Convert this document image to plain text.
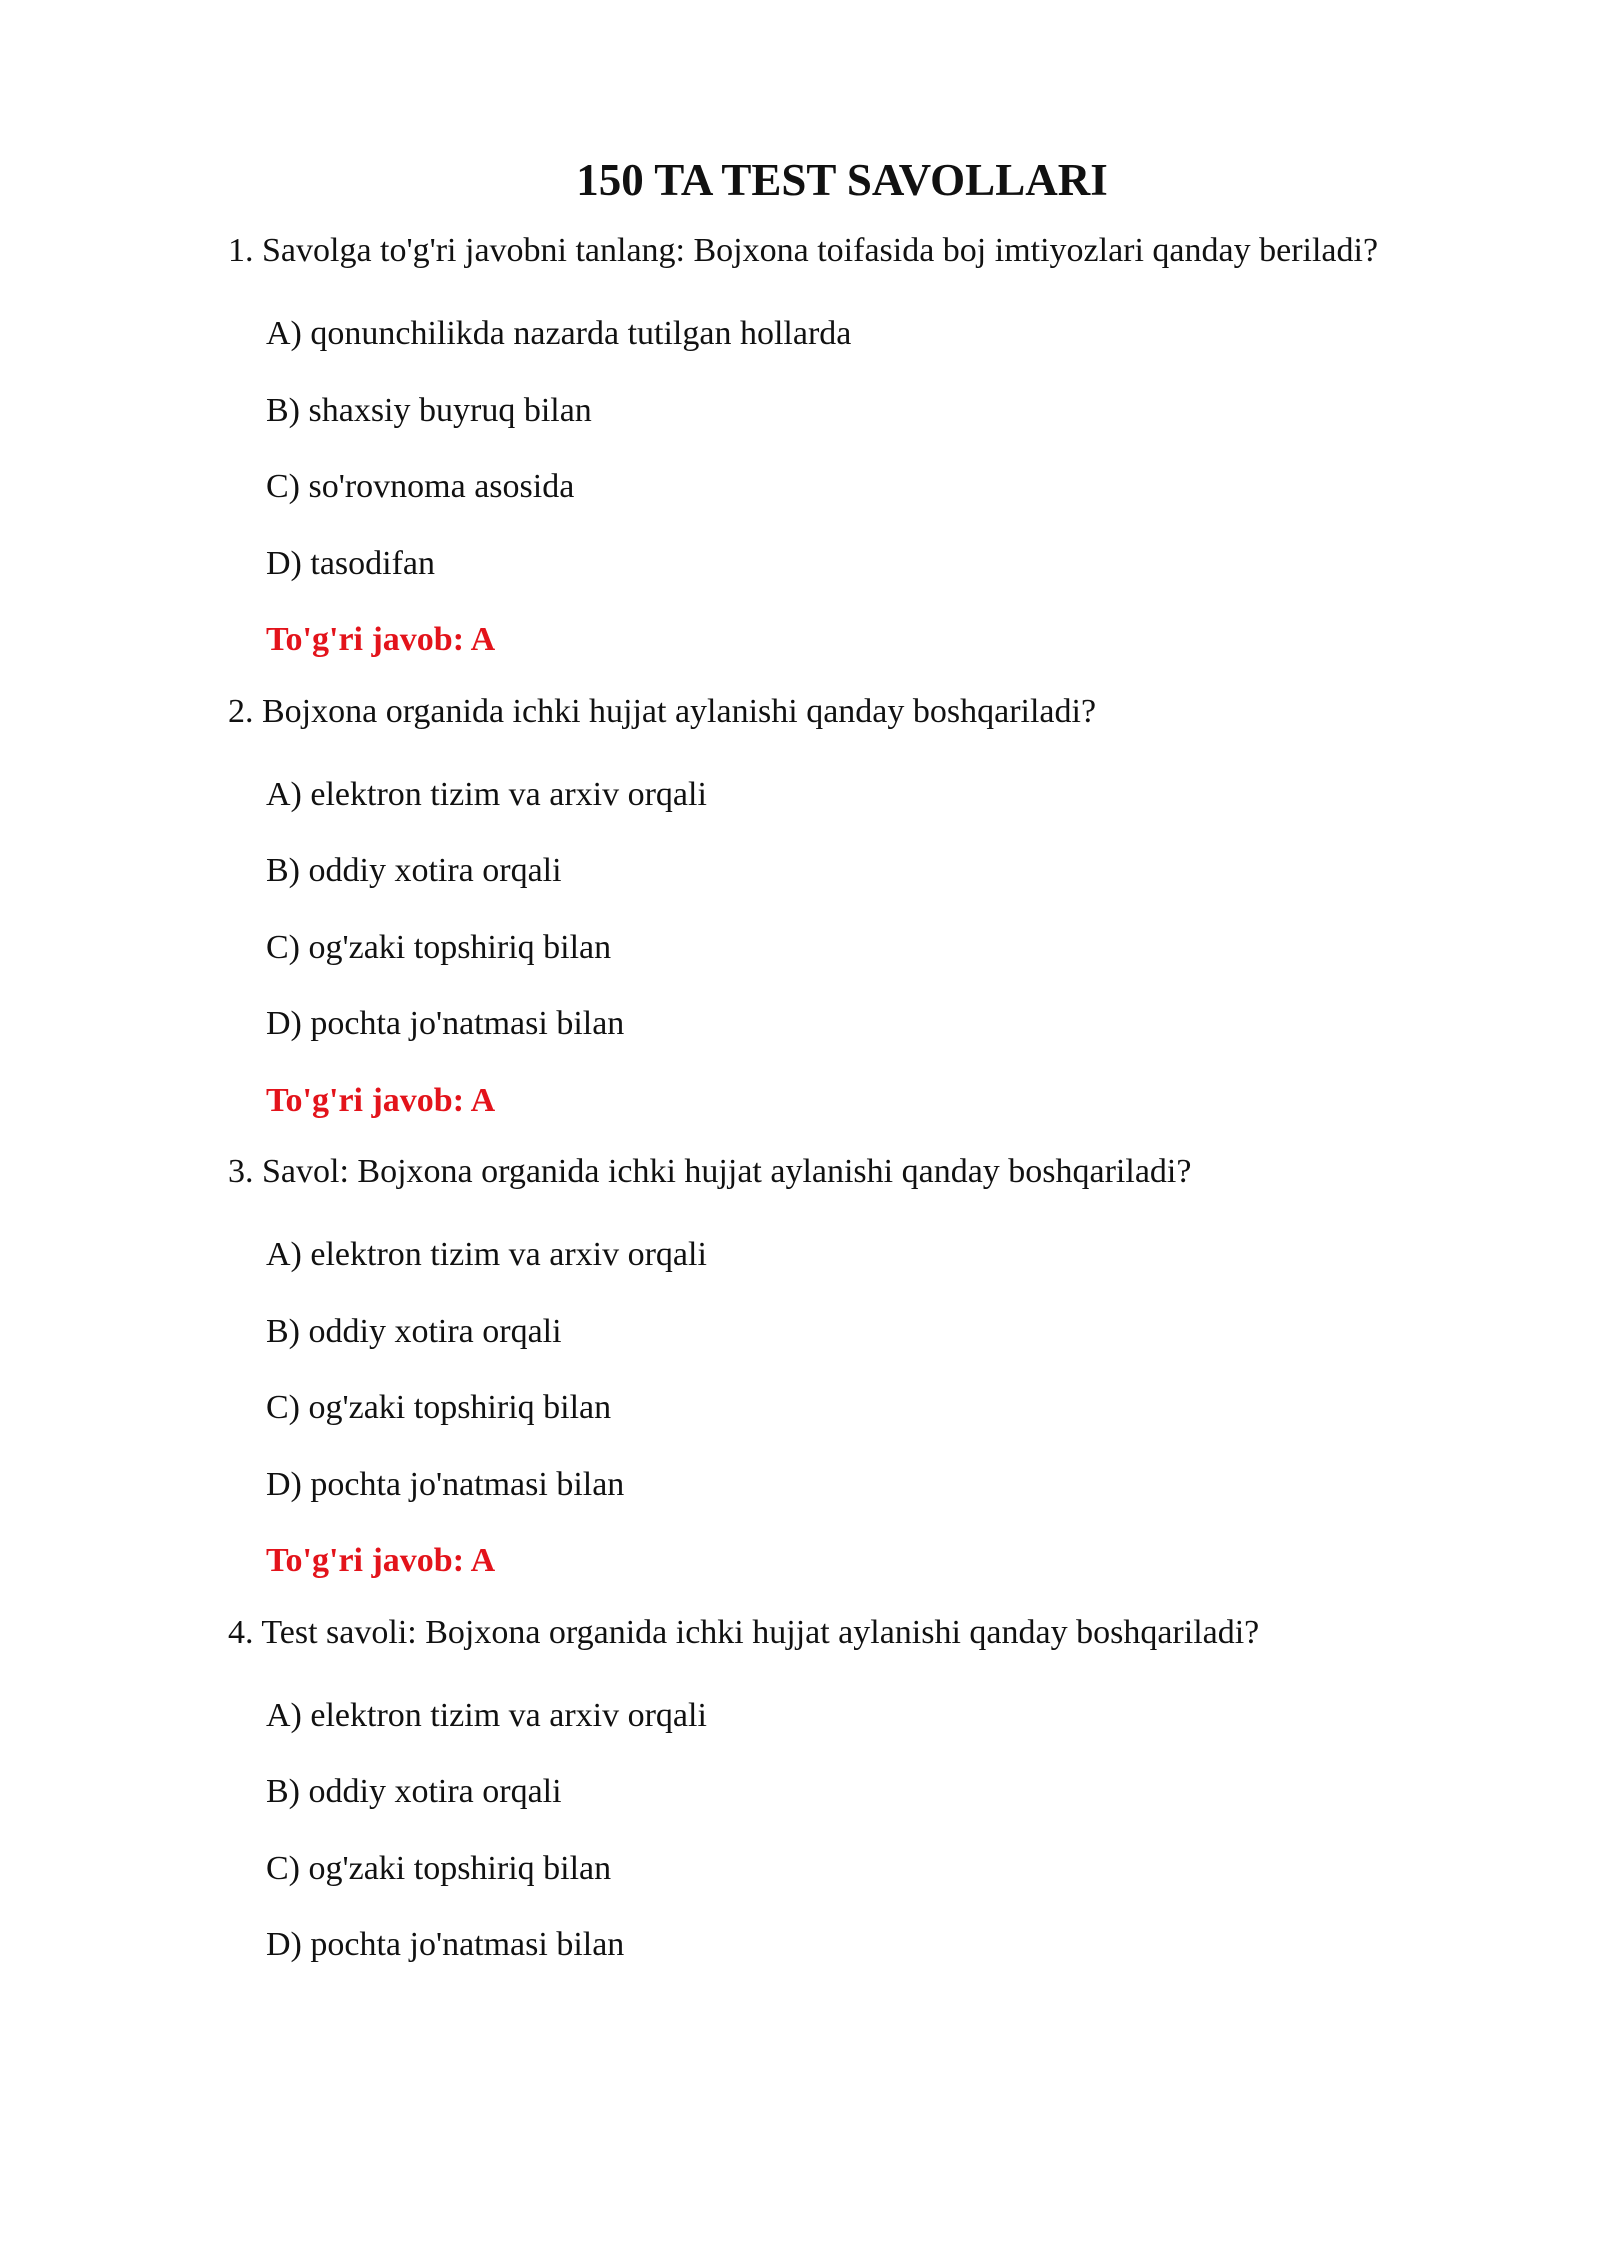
150 TA TEST SAVOLLARI

1. Savolga to'g'ri javobni tanlang: Bojxona toifasida boj imtiyozlari qanday beriladi?

A) qonunchilikda nazarda tutilgan hollarda
B) shaxsiy buyruq bilan
C) so'rovnoma asosida
D) tasodifan

To'g'ri javob: A

2. Bojxona organida ichki hujjat aylanishi qanday boshqariladi?

A) elektron tizim va arxiv orqali
B) oddiy xotira orqali
C) og'zaki topshiriq bilan
D) pochta jo'natmasi bilan

To'g'ri javob: A

3. Savol: Bojxona organida ichki hujjat aylanishi qanday boshqariladi?

A) elektron tizim va arxiv orqali
B) oddiy xotira orqali
C) og'zaki topshiriq bilan
D) pochta jo'natmasi bilan

To'g'ri javob: A

4. Test savoli: Bojxona organida ichki hujjat aylanishi qanday boshqariladi?

A) elektron tizim va arxiv orqali
B) oddiy xotira orqali
C) og'zaki topshiriq bilan
D) pochta jo'natmasi bilan
